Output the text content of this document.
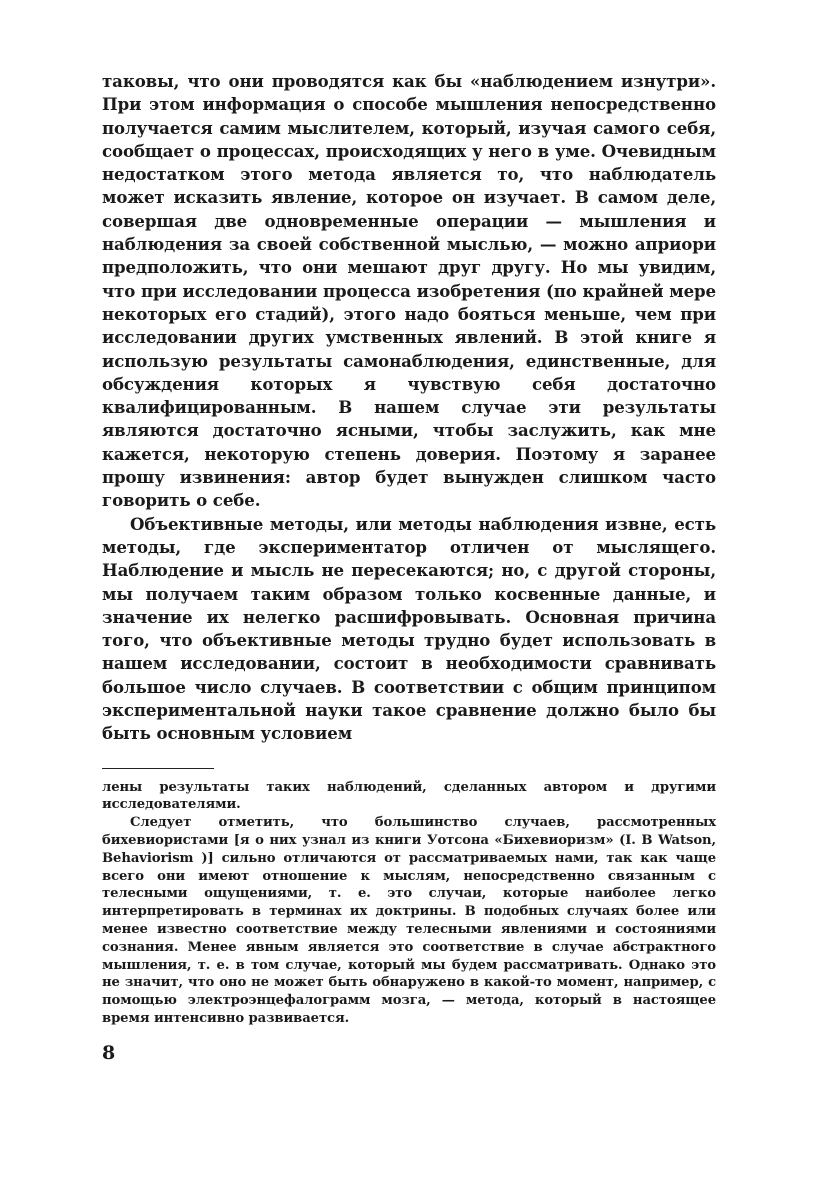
таковы, что они проводятся как бы «наблюдением изнутри». При этом информация о способе мышления непосредственно получается самим мыслителем, который, изучая самого себя, сообщает о процессах, происходящих у него в уме. Очевидным недостатком этого метода является то, что наблюдатель может исказить явление, которое он изучает. В самом деле, совершая две одновременные операции — мышления и наблюдения за своей собственной мыслью, — можно априори предположить, что они мешают друг другу. Но мы увидим, что при исследовании процесса изобретения (по крайней мере некоторых его стадий), этого надо бояться меньше, чем при исследовании других умственных явлений. В этой книге я использую результаты самонаблюдения, единственные, для обсуждения которых я чувствую себя достаточно квалифицированным. В нашем случае эти результаты являются достаточно ясными, чтобы заслужить, как мне кажется, некоторую степень доверия. Поэтому я заранее прошу извинения: автор будет вынужден слишком часто говорить о себе.

Объективные методы, или методы наблюдения извне, есть методы, где экспериментатор отличен от мыслящего. Наблюдение и мысль не пересекаются; но, с другой стороны, мы получаем таким образом только косвенные данные, и значение их нелегко расшифровывать. Основная причина того, что объективные методы трудно будет использовать в нашем исследовании, состоит в необходимости сравнивать большое число случаев. В соответствии с общим принципом экспериментальной науки такое сравнение должно было бы быть основным условием

лены результаты таких наблюдений, сделанных автором и другими исследователями.

Следует отметить, что большинство случаев, рассмотренных бихевиористами [я о них узнал из книги Уотсона «Бихевиоризм» (I. B Watson, Behaviorism )] сильно отличаются от рассматриваемых нами, так как чаще всего они имеют отношение к мыслям, непосредственно связанным с телесными ощущениями, т. е. это случаи, которые наиболее легко интерпретировать в терминах их доктрины. В подобных случаях более или менее известно соответствие между телесными явлениями и состояниями сознания. Менее явным является это соответствие в случае абстрактного мышления, т. е. в том случае, который мы будем рассматривать. Однако это не значит, что оно не может быть обнаружено в какой-то момент, например, с помощью электроэнцефалограмм мозга, — метода, который в настоящее время интенсивно развивается.

8
